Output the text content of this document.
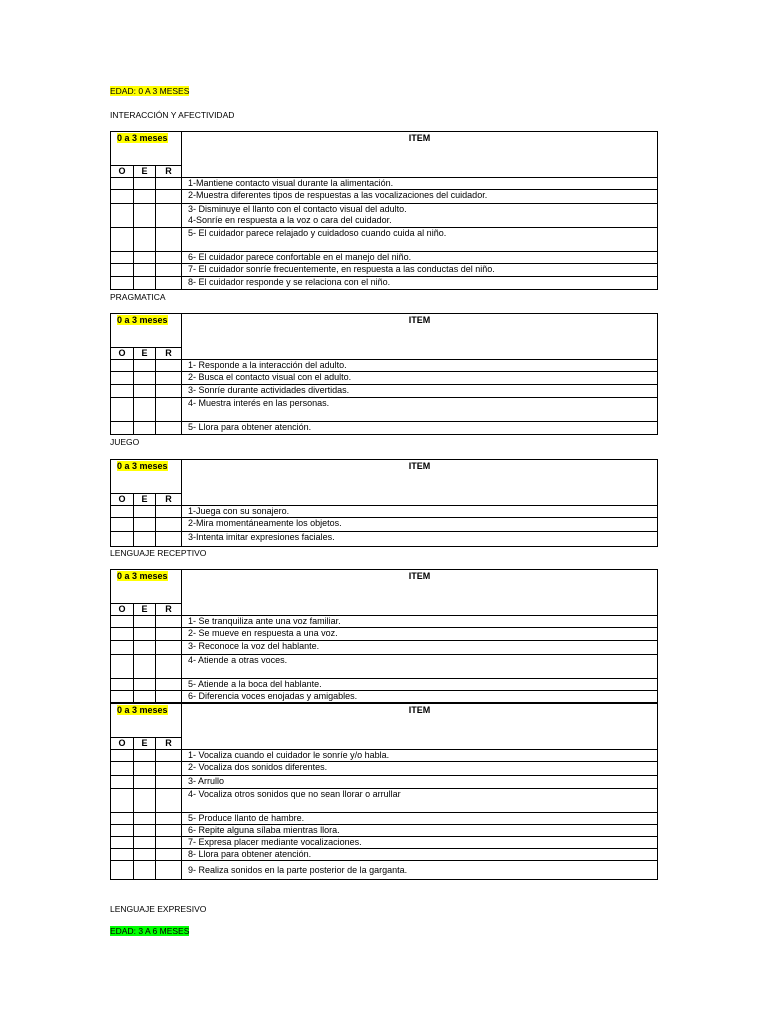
EDAD: 0 A 3 MESES
INTERACCIÓN Y AFECTIVIDAD
PRAGMATICA
JUEGO
LENGUAJE RECEPTIVO
LENGUAJE EXPRESIVO
EDAD: 3 A 6 MESES
0 a 3 meses			ITEM
O	E	R	
			1-Mantiene contacto visual durante la alimentación.
			2-Muestra diferentes tipos de respuestas a las vocalizaciones del cuidador.

			3- Disminuye el llanto con el contacto visual del adulto.
4-Sonríe en respuesta a la voz o cara del cuidador.

			5- El cuidador parece relajado y cuidadoso cuando cuida al niño.
			6- El cuidador parece confortable en el manejo del niño.
			7- El cuidador sonríe frecuentemente, en respuesta a las conductas del niño.
			8- El cuidador responde y se relaciona con el niño.
0 a 3 meses			ITEM
O	E	R	
			1- Responde a la interacción del adulto.
			2- Busca el contacto visual con el adulto.
			3- Sonríe durante actividades divertidas.
			4- Muestra interés en las personas.
			5- Llora para obtener atención.
0 a 3 meses			ITEM
O	E	R	
			1-Juega con su sonajero.
			2-Mira momentáneamente los objetos.
			3-Intenta imitar expresiones faciales.
0 a 3 meses			ITEM
O	E	R	
			1- Se tranquiliza ante una voz familiar.
			2- Se mueve en respuesta a una voz.
			3- Reconoce la voz del hablante.
			4- Atiende a otras voces.
			5- Atiende a la boca del hablante.
			6- Diferencia voces enojadas y amigables.
0 a 3 meses			ITEM
O	E	R	
			1- Vocaliza cuando el cuidador le sonríe y/o habla.
			2- Vocaliza dos sonidos diferentes.
			3- Arrullo
			4- Vocaliza otros sonidos que no sean llorar o arrullar
			5- Produce llanto de hambre.
			6- Repite alguna sílaba mientras llora.
			7- Expresa placer mediante vocalizaciones.
			8- Llora para obtener atención.
			9- Realiza sonidos en la parte posterior de la garganta.
